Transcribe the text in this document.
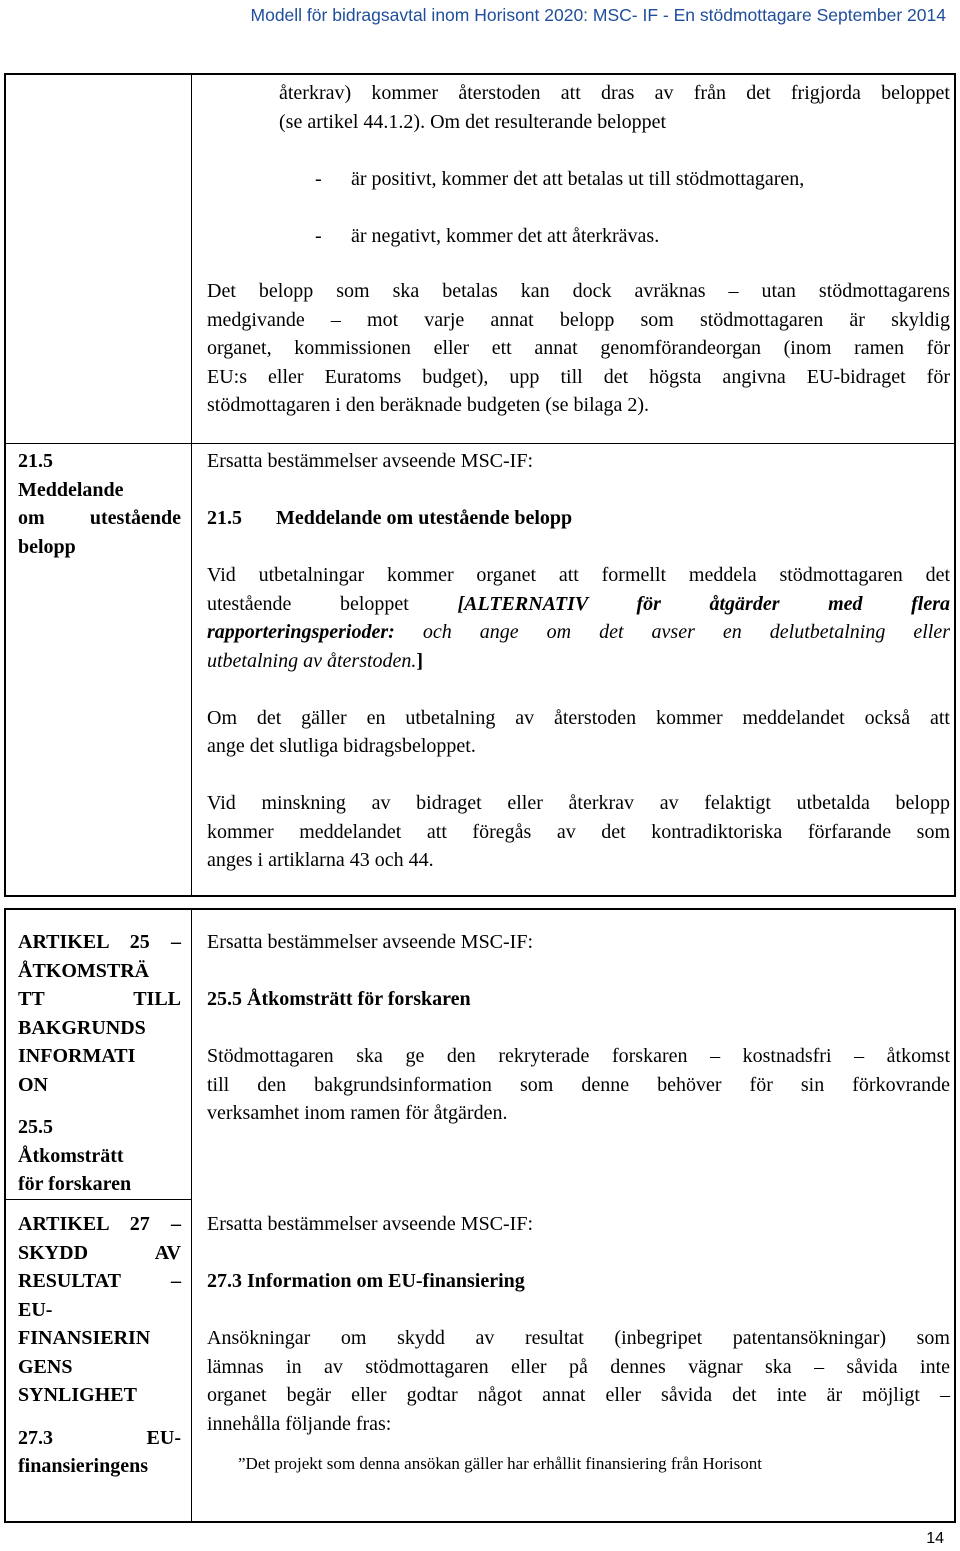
Modell för bidragsavtal inom Horisont 2020: MSC- IF - En stödmottagare September 2014

återkrav) kommer återstoden att dras av från det frigjorda beloppet

(se artikel 44.1.2). Om det resulterande beloppet

- är positivt, kommer det att betalas ut till stödmottagaren,
- är negativt, kommer det att återkrävas.

Det belopp som ska betalas kan dock avräknas – utan stödmottagarens

medgivande – mot varje annat belopp som stödmottagaren är skyldig

organet, kommissionen eller ett annat genomförandeorgan (inom ramen för

EU:s eller Euratoms budget), upp till det högsta angivna EU-bidraget för

stödmottagaren i den beräknade budgeten (se bilaga 2).

21.5

Meddelande

om utestående

belopp

Ersatta bestämmelser avseende MSC-IF:

21.5 Meddelande om utestående belopp

Vid utbetalningar kommer organet att formellt meddela stödmottagaren det

utestående beloppet [ALTERNATIV för åtgärder med flera

rapporteringsperioder: och ange om det avser en delutbetalning eller

utbetalning av återstoden.]

Om det gäller en utbetalning av återstoden kommer meddelandet också att

ange det slutliga bidragsbeloppet.

Vid minskning av bidraget eller återkrav av felaktigt utbetalda belopp

kommer meddelandet att föregås av det kontradiktoriska förfarande som

anges i artiklarna 43 och 44.

ARTIKEL 25 –

ÅTKOMSTRÄ

TT TILL

BAKGRUNDS

INFORMATI

ON

25.5

Åtkomsträtt

för forskaren

Ersatta bestämmelser avseende MSC-IF:

25.5 Åtkomsträtt för forskaren

Stödmottagaren ska ge den rekryterade forskaren – kostnadsfri – åtkomst

till den bakgrundsinformation som denne behöver för sin förkovrande

verksamhet inom ramen för åtgärden.

ARTIKEL 27 –

SKYDD AV

RESULTAT –

EU-

FINANSIERIN

GENS

SYNLIGHET

27.3 EU-

finansieringens

Ersatta bestämmelser avseende MSC-IF:

27.3 Information om EU-finansiering

Ansökningar om skydd av resultat (inbegripet patentansökningar) som

lämnas in av stödmottagaren eller på dennes vägnar ska – såvida inte

organet begär eller godtar något annat eller såvida det inte är möjligt –

innehålla följande fras:

”Det projekt som denna ansökan gäller har erhållit finansiering från Horisont

14
